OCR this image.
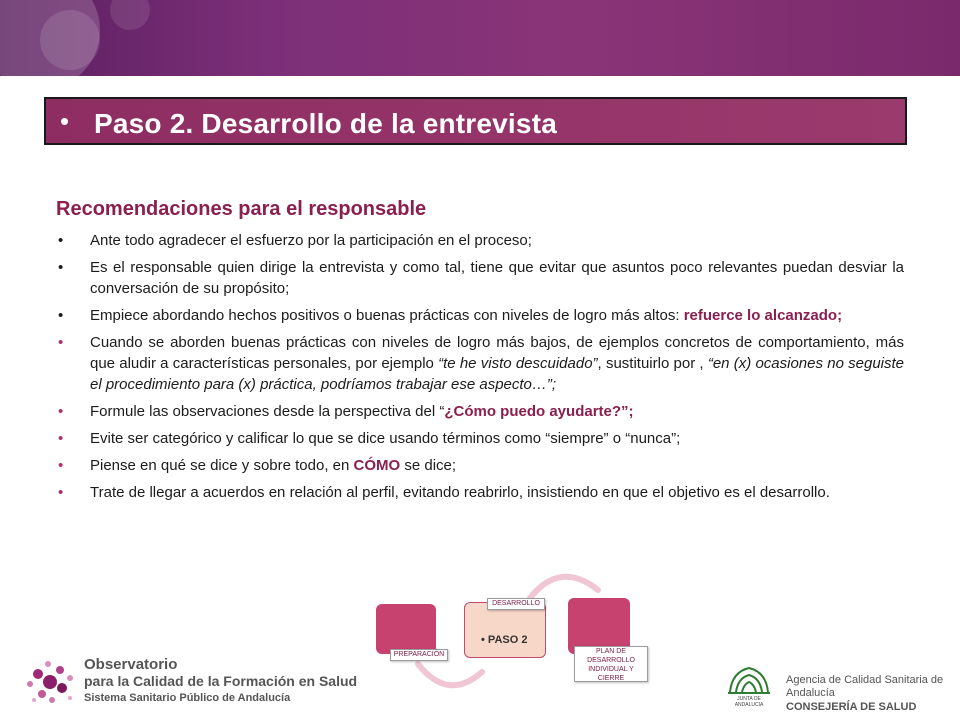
• Paso 2. Desarrollo de la entrevista
Recomendaciones para el responsable
• Ante todo agradecer el esfuerzo por la participación en el proceso;
• Es el responsable quien dirige la entrevista y como tal, tiene que evitar que asuntos poco relevantes puedan desviar la conversación de su propósito;
• Empiece abordando hechos positivos o buenas prácticas con niveles de logro más altos: refuerce lo alcanzado;
• Cuando se aborden buenas prácticas con niveles de logro más bajos, de ejemplos concretos de comportamiento, más que aludir a características personales, por ejemplo “te he visto descuidado”, sustituirlo por , “en (x) ocasiones no seguiste el procedimiento para (x) práctica, podríamos trabajar ese aspecto…”;
• Formule las observaciones desde la perspectiva del “¿Cómo puedo ayudarte?”;
• Evite ser categórico y calificar lo que se dice usando términos como “siempre” o “nunca”;
• Piense en qué se dice y sobre todo, en CÓMO se dice;
• Trate de llegar a acuerdos en relación al perfil, evitando reabrirlo, insistiendo en que el objetivo es el desarrollo.
PREPARACIÓN
• PASO 2
DESARROLLO
PLAN DE DESARROLLO INDIVIDUAL Y CIERRE
Observatorio
para la Calidad de la Formación en Salud
Sistema Sanitario Público de Andalucía	JUNTA DE ANDALUCIA
Agencia de Calidad Sanitaria de Andalucía
CONSEJERÍA DE SALUD
